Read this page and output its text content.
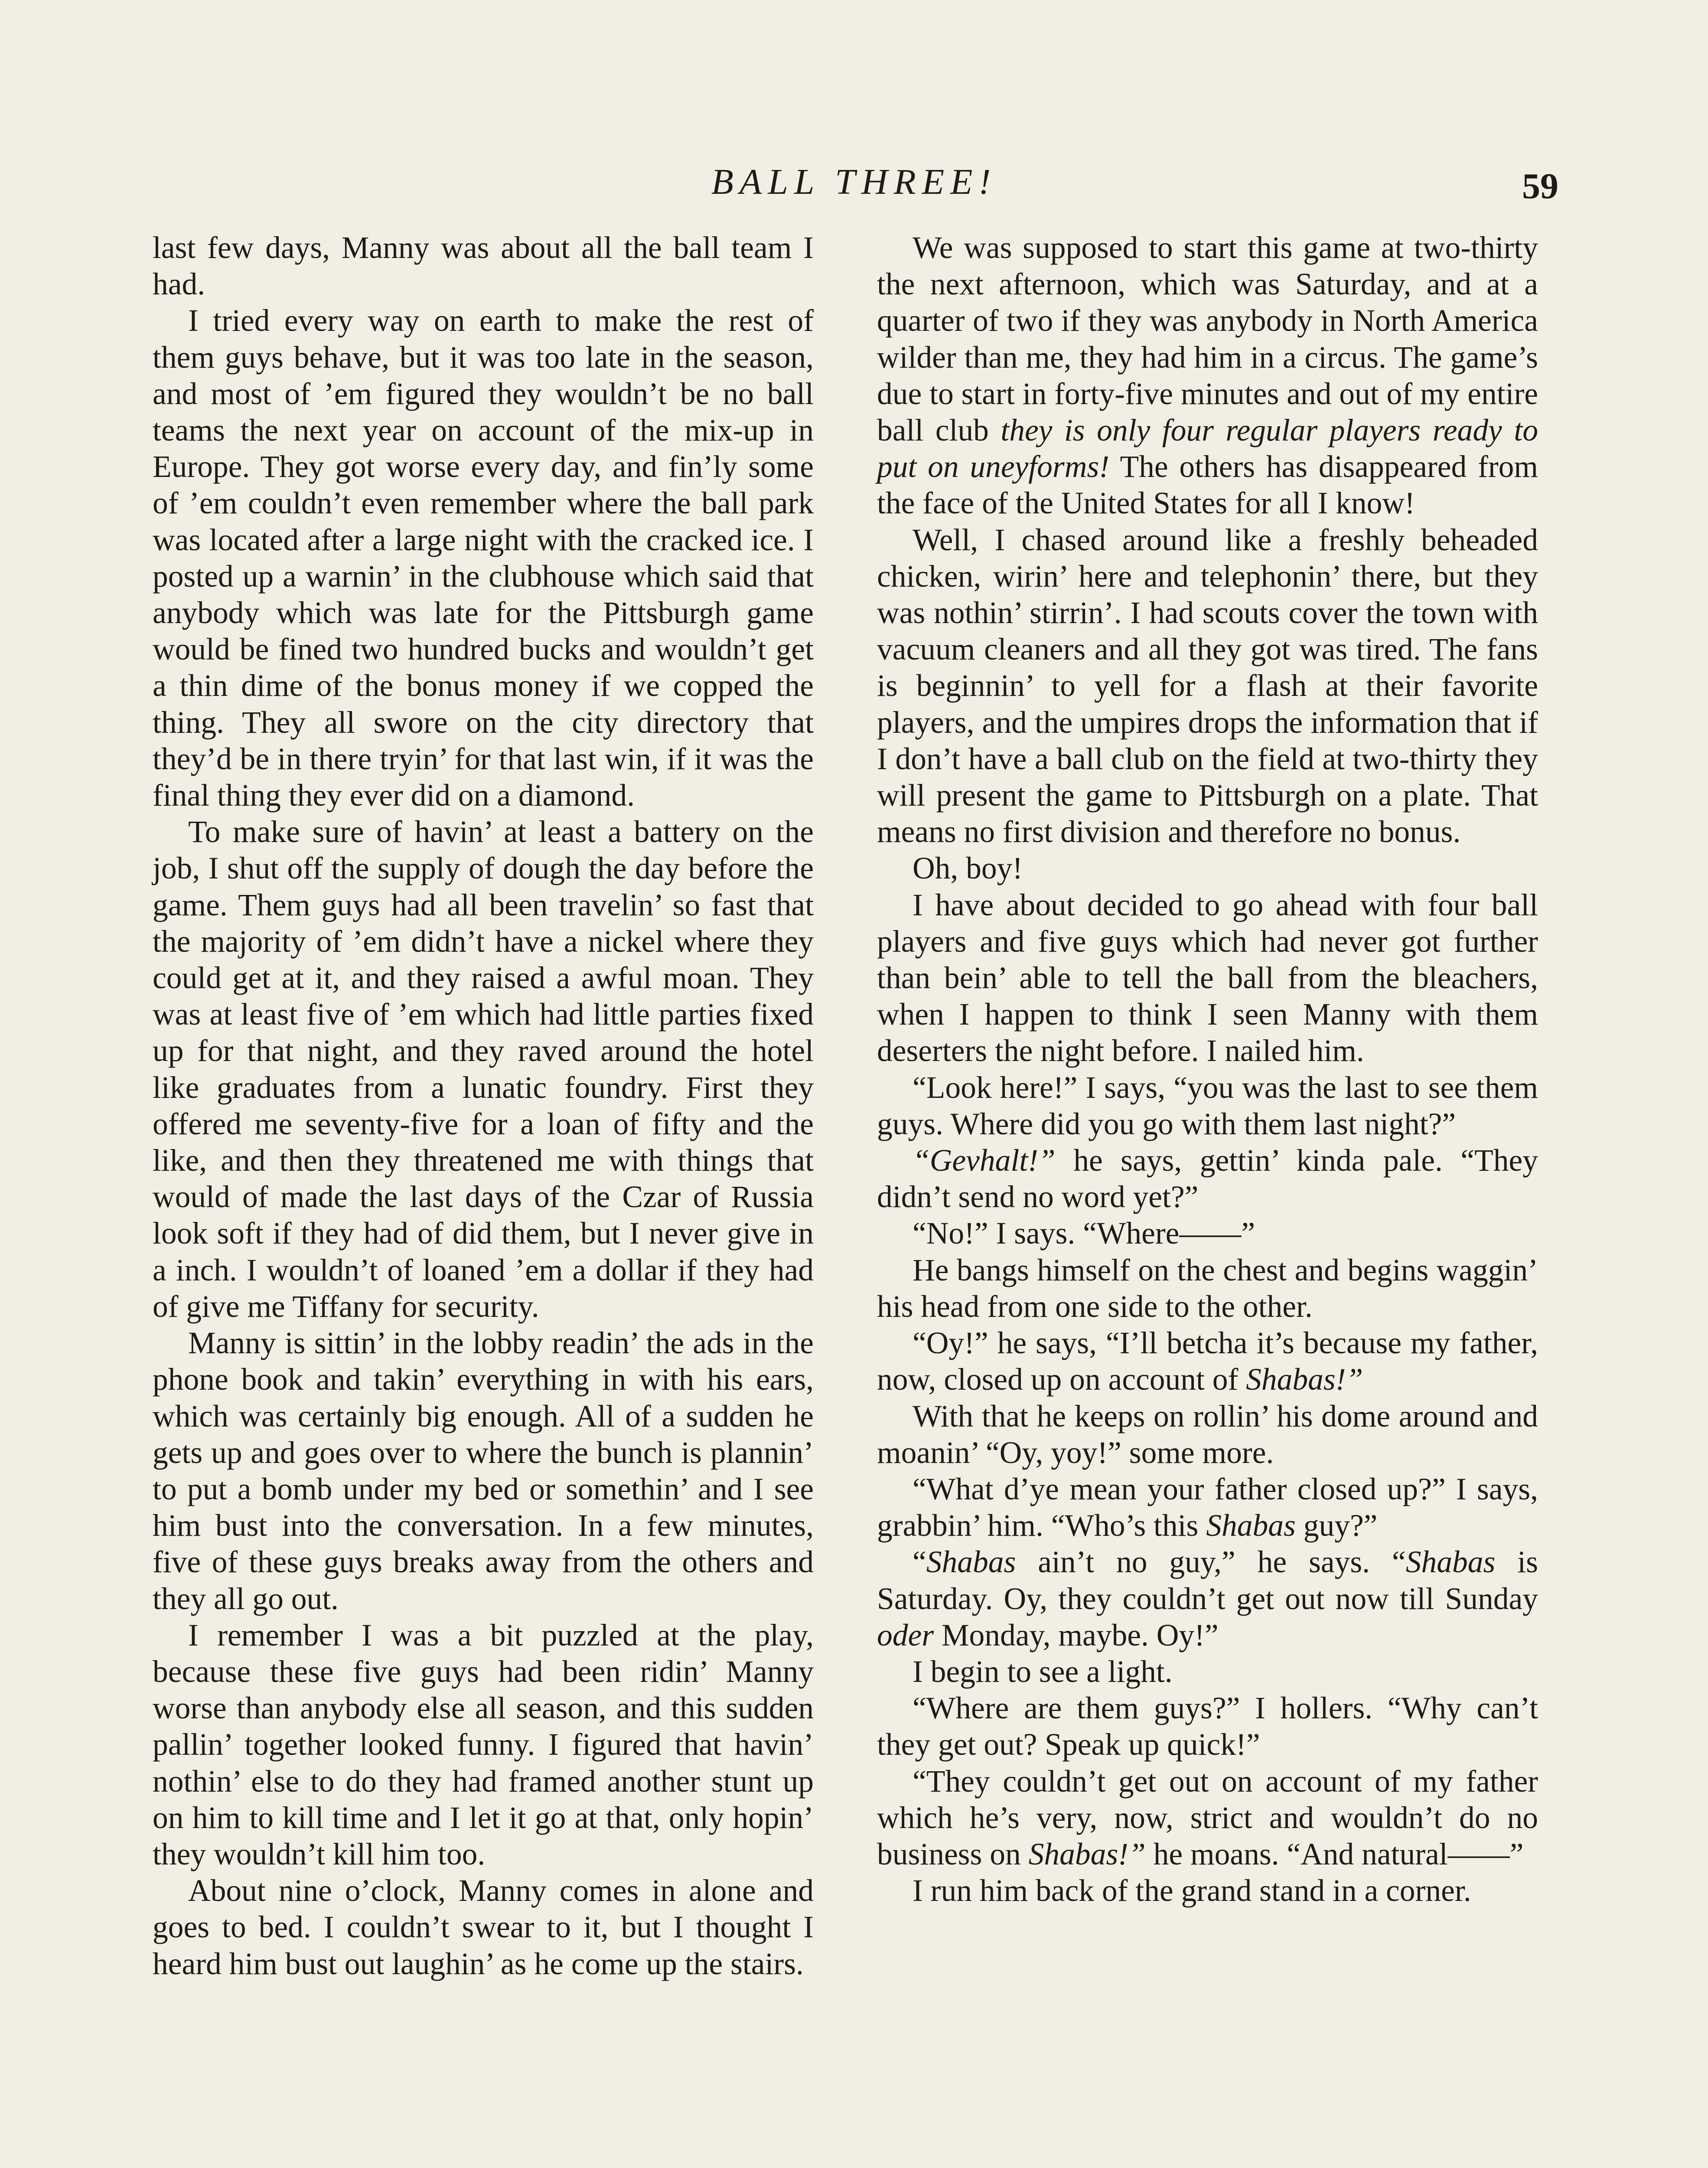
BALL THREE!	59

last few days, Manny was about all the ball team I had.

I tried every way on earth to make the rest of them guys behave, but it was too late in the season, and most of ’em figured they wouldn’t be no ball teams the next year on account of the mix-up in Europe. They got worse every day, and fin’ly some of ’em couldn’t even remember where the ball park was located after a large night with the cracked ice. I posted up a warnin’ in the clubhouse which said that anybody which was late for the Pittsburgh game would be fined two hundred bucks and wouldn’t get a thin dime of the bonus money if we copped the thing. They all swore on the city directory that they’d be in there tryin’ for that last win, if it was the final thing they ever did on a diamond.

To make sure of havin’ at least a battery on the job, I shut off the supply of dough the day before the game. Them guys had all been travelin’ so fast that the majority of ’em didn’t have a nickel where they could get at it, and they raised a awful moan. They was at least five of ’em which had little parties fixed up for that night, and they raved around the hotel like graduates from a lunatic foundry. First they offered me seventy-five for a loan of fifty and the like, and then they threatened me with things that would of made the last days of the Czar of Russia look soft if they had of did them, but I never give in a inch. I wouldn’t of loaned ’em a dollar if they had of give me Tiffany for security.

Manny is sittin’ in the lobby readin’ the ads in the phone book and takin’ everything in with his ears, which was certainly big enough. All of a sudden he gets up and goes over to where the bunch is plannin’ to put a bomb under my bed or somethin’ and I see him bust into the conversation. In a few minutes, five of these guys breaks away from the others and they all go out.

I remember I was a bit puzzled at the play, because these five guys had been ridin’ Manny worse than anybody else all season, and this sudden pallin’ together looked funny. I figured that havin’ nothin’ else to do they had framed another stunt up on him to kill time and I let it go at that, only hopin’ they wouldn’t kill him too.

About nine o’clock, Manny comes in alone and goes to bed. I couldn’t swear to it, but I thought I heard him bust out laughin’ as he come up the stairs.

We was supposed to start this game at two-thirty the next afternoon, which was Saturday, and at a quarter of two if they was anybody in North America wilder than me, they had him in a circus. The game’s due to start in forty-five minutes and out of my entire ball club they is only four regular players ready to put on uneyforms! The others has disappeared from the face of the United States for all I know!

Well, I chased around like a freshly beheaded chicken, wirin’ here and telephonin’ there, but they was nothin’ stirrin’. I had scouts cover the town with vacuum cleaners and all they got was tired. The fans is beginnin’ to yell for a flash at their favorite players, and the umpires drops the information that if I don’t have a ball club on the field at two-thirty they will present the game to Pittsburgh on a plate. That means no first division and therefore no bonus.

Oh, boy!

I have about decided to go ahead with four ball players and five guys which had never got further than bein’ able to tell the ball from the bleachers, when I happen to think I seen Manny with them deserters the night before. I nailed him.

“Look here!” I says, “you was the last to see them guys. Where did you go with them last night?”

“Gevhalt!” he says, gettin’ kinda pale. “They didn’t send no word yet?”

“No!” I says. “Where——”

He bangs himself on the chest and begins waggin’ his head from one side to the other.

“Oy!” he says, “I’ll betcha it’s because my father, now, closed up on account of Shabas!”

With that he keeps on rollin’ his dome around and moanin’ “Oy, yoy!” some more.

“What d’ye mean your father closed up?” I says, grabbin’ him. “Who’s this Shabas guy?”

“Shabas ain’t no guy,” he says. “Shabas is Saturday. Oy, they couldn’t get out now till Sunday oder Monday, maybe. Oy!”

I begin to see a light.

“Where are them guys?” I hollers. “Why can’t they get out? Speak up quick!”

“They couldn’t get out on account of my father which he’s very, now, strict and wouldn’t do no business on Shabas!” he moans. “And natural——”

I run him back of the grand stand in a corner.
